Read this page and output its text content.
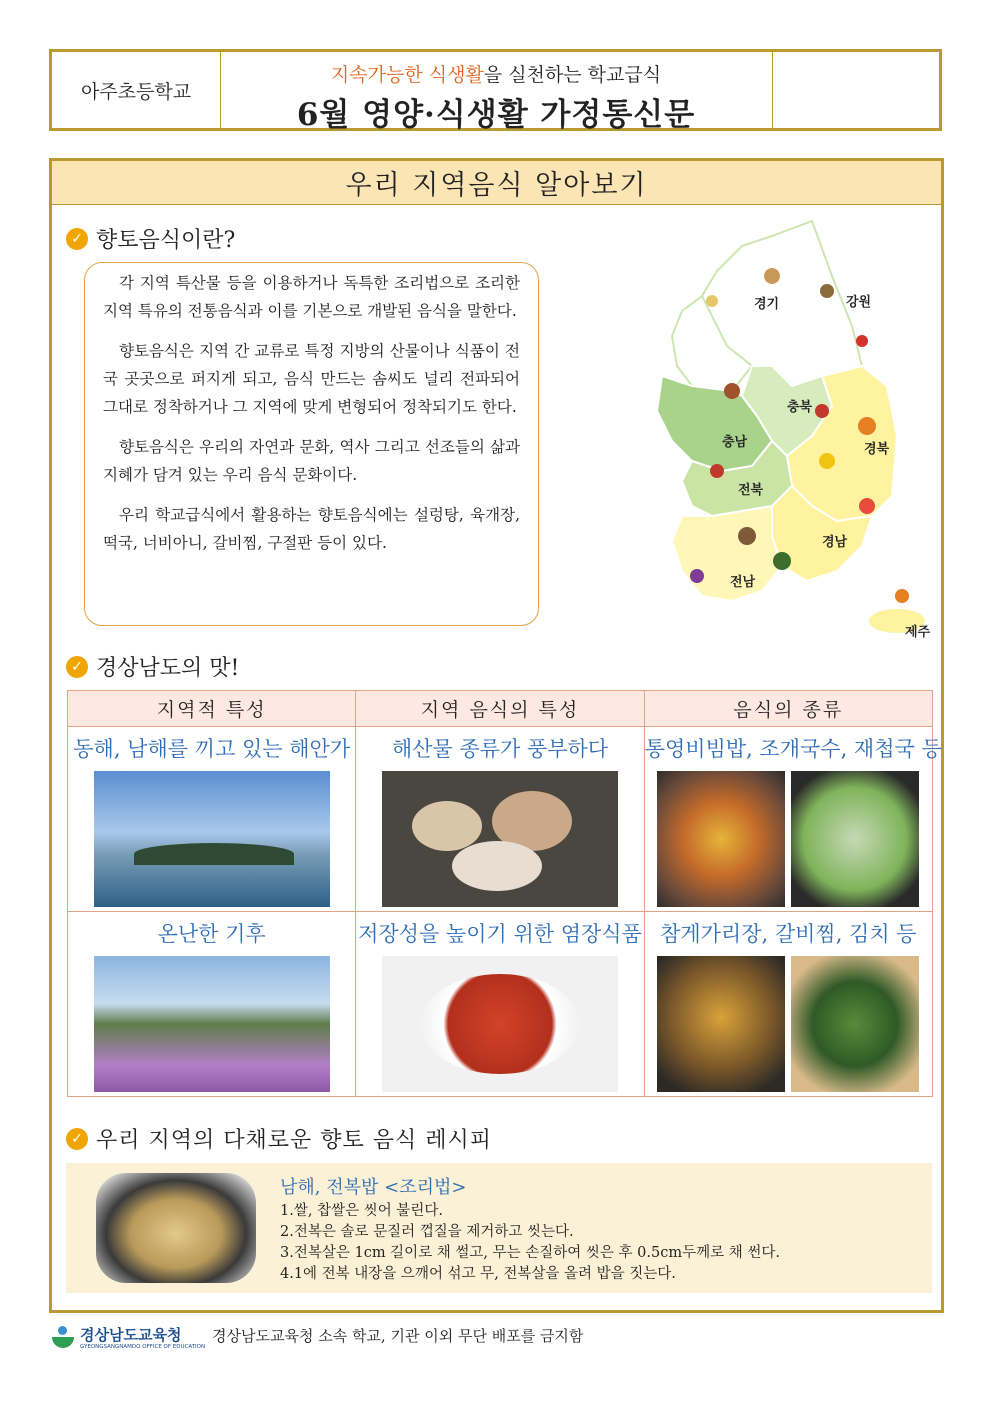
아주초등학교
지속가능한 식생활을 실천하는 학교급식
6월 영양·식생활 가정통신문
우리 지역음식 알아보기
✓ 향토음식이란?

각 지역 특산물 등을 이용하거나 독특한 조리법으로 조리한 지역 특유의 전통음식과 이를 기본으로 개발된 음식을 말한다.

향토음식은 지역 간 교류로 특정 지방의 산물이나 식품이 전국 곳곳으로 퍼지게 되고, 음식 만드는 솜씨도 널리 전파되어 그대로 정착하거나 그 지역에 맞게 변형되어 정착되기도 한다.

향토음식은 우리의 자연과 문화, 역사 그리고 선조들의 삶과 지혜가 담겨 있는 우리 음식 문화이다.

우리 학교급식에서 활용하는 향토음식에는 설렁탕, 육개장, 떡국, 너비아니, 갈비찜, 구절판 등이 있다.

경기	강원
충북
충남	경북
전북
경남
전남
제주
✓ 경상남도의 맛!
지역적 특성	지역 음식의 특성	음식의 종류

동해, 남해를 끼고 있는 해안가	해산물 종류가 풍부하다	통영비빔밥, 조개국수, 재첩국 등

온난한 기후	저장성을 높이기 위한 염장식품	참게가리장, 갈비찜, 김치 등
✓ 우리 지역의 다채로운 향토 음식 레시피
남해, 전복밥 <조리법>
1.쌀, 찹쌀은 씻어 불린다.
2.전복은 솔로 문질러 껍질을 제거하고 씻는다.
3.전복살은 1cm 길이로 채 썰고, 무는 손질하여 씻은 후 0.5cm두께로 채 썬다.
4.1에 전복 내장을 으깨어 섞고 무, 전복살을 올려 밥을 짓는다.
경상남도교육청
GYEONGSANGNAMDO OFFICE OF EDUCATION
경상남도교육청 소속 학교, 기관 이외 무단 배포를 금지함
